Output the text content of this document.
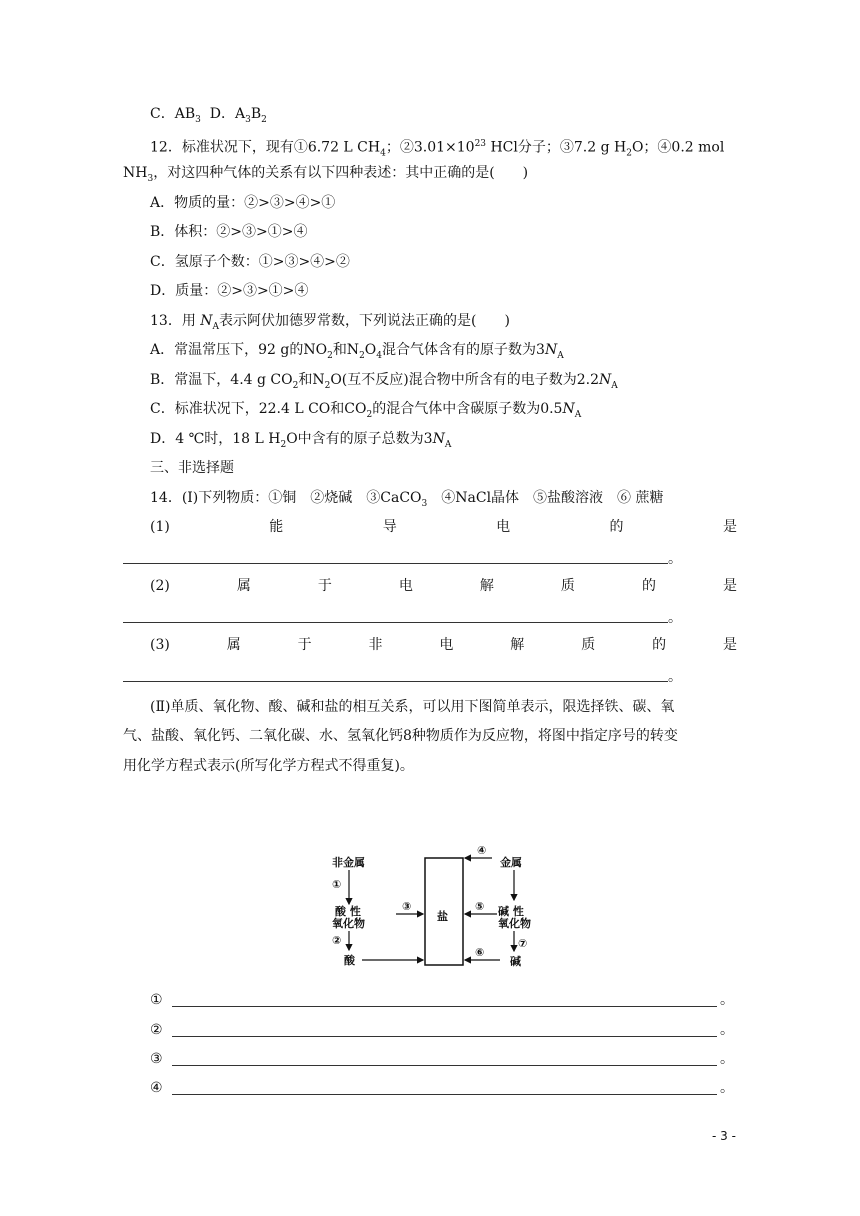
C．$AB_3$ D．$A_3B_2$
12．标准状况下，现有①6.72 L $CH_4$；$②3.01\times 10^{23}$ HCl分子；③7.2 g $H_2O$；④0.2 mol
$NH_3$，对这四种气体的关系有以下四种表述：其中正确的是(　　)
A．物质的量：②>③>④>①
B．体积：②>③>①>④
C．氢原子个数：①>③>④>②
D．质量：②>③>①>④
13．用 $N_A$表示阿伏加德罗常数，下列说法正确的是(　　)
A．常温常压下，92 g的$NO_2$和$N_2O_4$混合气体含有的原子数为$3N_A$
B．常温下，4.4 g $CO_2$和$N_2O$(互不反应)混合物中所含有的电子数为$2.2N_A$
C．标准状况下，22.4 L CO和$CO_2$的混合气体中含碳原子数为$0.5N_A$
D．4 ℃时，18 L $H_2O$中含有的原子总数为$3N_A$
三、非选择题
14．(Ⅰ)下列物质：①铜　②烧碱　③CaCO$_3$　④NaCl晶体　⑤盐酸溶液　⑥ 蔗糖
(1)	能	导	电	的	是
。
(2)	属	于	电	解	质	的	是
。
(3)	属	于	非	电	解	质	的	是
。
(Ⅱ)单质、氧化物、酸、碱和盐的相互关系，可以用下图简单表示，限选择铁、碳、氧
气、盐酸、氧化钙、二氧化碳、水、氢氧化钙8种物质作为反应物，将图中指定序号的转变
用化学方程式表示(所写化学方程式不得重复)。
盐
非金属
①
酸 性
氧化物
②
酸
③
④
金属
碱 性
氧化物
⑤
⑦
碱
⑥
①	。
②	。
③	。
④	。
- 3 -
